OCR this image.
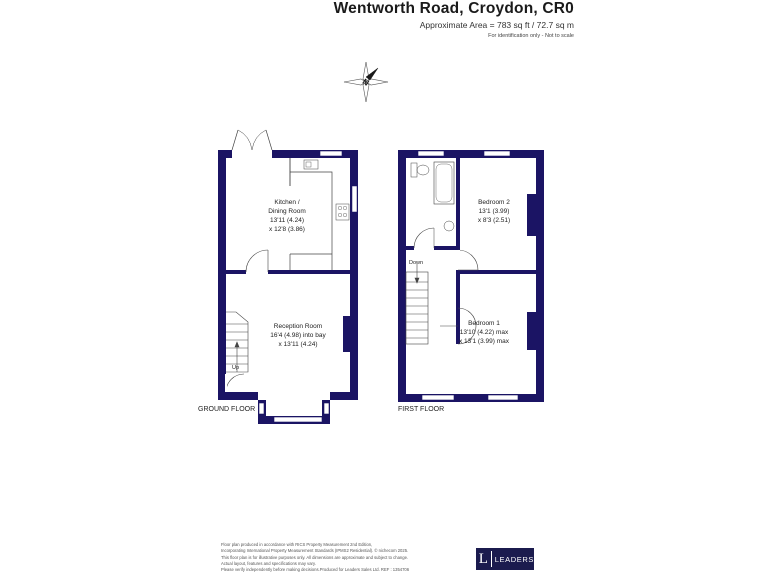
Wentworth Road, Croydon, CR0
Approximate Area = 783 sq ft / 72.7 sq m
For identification only - Not to scale
N
Kitchen /
Dining Room
13'11 (4.24)
x 12'8 (3.86)
Reception Room
16'4 (4.98) into bay
x 13'11 (4.24)
Up
GROUND FLOOR
Bedroom 2
13'1 (3.99)
x 8'3 (2.51)
Bedroom 1
13'10 (4.22) max
x 13'1 (3.99) max
Down
FIRST FLOOR
Floor plan produced in accordance with RICS Property Measurement 2nd Edition,
Incorporating International Property Measurement Standards (IPMS2 Residential). © nichecom 2025.
This floor plan is for illustrative purposes only. All dimensions are approximate and subject to change.
Actual layout, features and specifications may vary.
Please verify independently before making decisions.Produced for Leaders Sales Ltd. REF : 1354706
L LEADERS
